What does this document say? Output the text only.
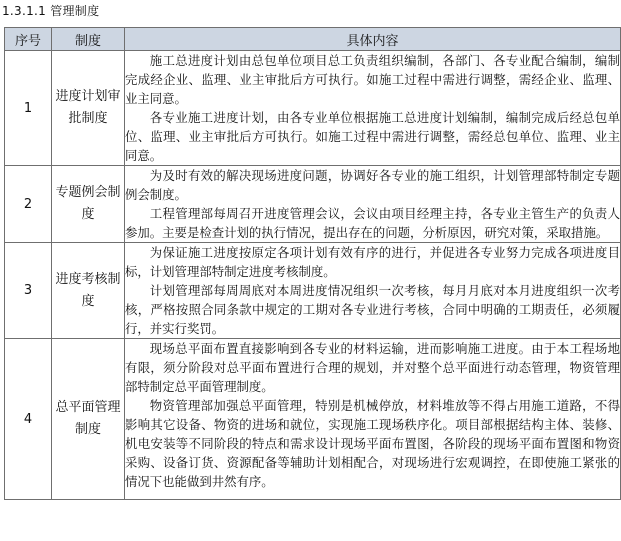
1.3.1.1 管理制度
序号	制度	具体内容
1	进度计划审批制度	施工总进度计划由总包单位项目总工负责组织编制，各部门、各专业配合编制，编制完成经企业、监理、业主审批后方可执行。如施工过程中需进行调整，需经企业、监理、业主同意。

各专业施工进度计划，由各专业单位根据施工总进度计划编制，编制完成后经总包单位、监理、业主审批后方可执行。如施工过程中需进行调整，需经总包单位、监理、业主同意。

2	专题例会制度	为及时有效的解决现场进度问题，协调好各专业的施工组织，计划管理部特制定专题例会制度。

工程管理部每周召开进度管理会议，会议由项目经理主持，各专业主管生产的负责人参加。主要是检查计划的执行情况，提出存在的问题，分析原因，研究对策，采取措施。

3	进度考核制度	为保证施工进度按原定各项计划有效有序的进行，并促进各专业努力完成各项进度目标，计划管理部特制定进度考核制度。

计划管理部每周周底对本周进度情况组织一次考核，每月月底对本月进度组织一次考核，严格按照合同条款中规定的工期对各专业进行考核，合同中明确的工期责任，必须履行，并实行奖罚。

4	总平面管理制度	现场总平面布置直接影响到各专业的材料运输，进而影响施工进度。由于本工程场地有限，须分阶段对总平面布置进行合理的规划，并对整个总平面进行动态管理，物资管理部特制定总平面管理制度。

物资管理部加强总平面管理，特别是机械停放，材料堆放等不得占用施工道路，不得影响其它设备、物资的进场和就位，实现施工现场秩序化。项目部根据结构主体、装修、机电安装等不同阶段的特点和需求设计现场平面布置图，各阶段的现场平面布置图和物资采购、设备订货、资源配备等辅助计划相配合，对现场进行宏观调控，在即使施工紧张的情况下也能做到井然有序。
